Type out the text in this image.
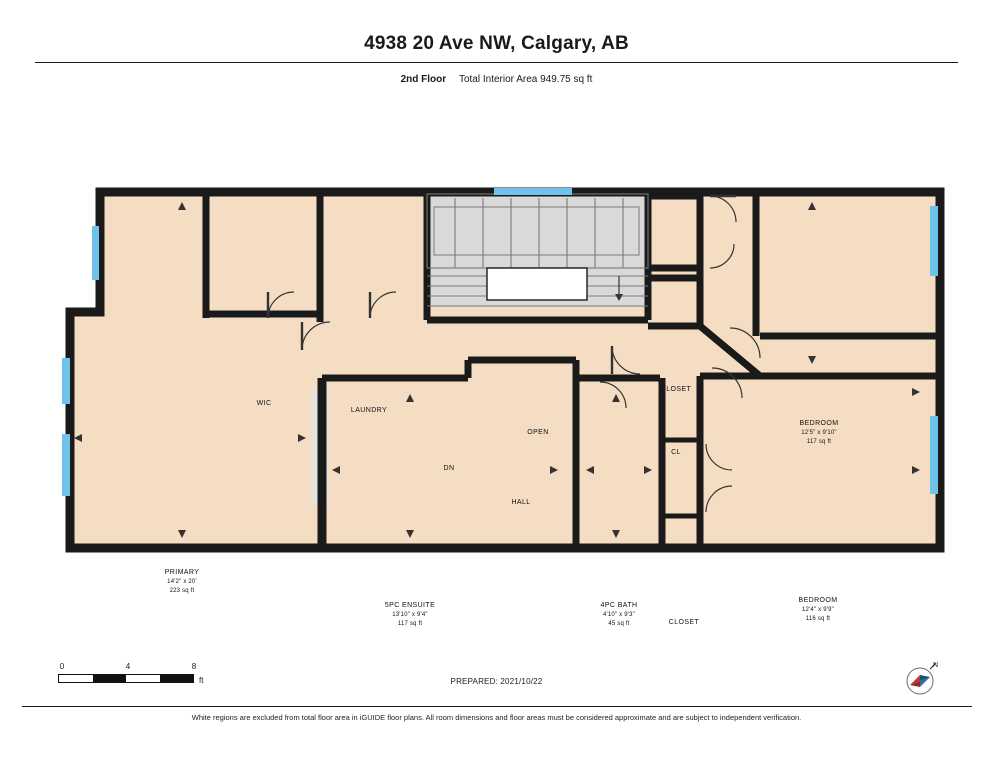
4938 20 Ave NW, Calgary, AB
2nd Floor Total Interior Area 949.75 sq ft
WIC
LAUNDRY
CLOSET
BEDROOM
12'5" x 9'10"
117 sq ft
CL
OPEN
DN
HALL
PRIMARY
14'2" x 20'
223 sq ft
5PC ENSUITE
13'10" x 9'4"
117 sq ft
4PC BATH
4'10" x 9'3"
45 sq ft	CLOSET
BEDROOM
12'4" x 9'9"
116 sq ft
0	4	8
ft	PREPARED: 2021/10/22
N
White regions are excluded from total floor area in iGUIDE floor plans. All room dimensions and floor areas must be considered approximate and are subject to independent verification.
